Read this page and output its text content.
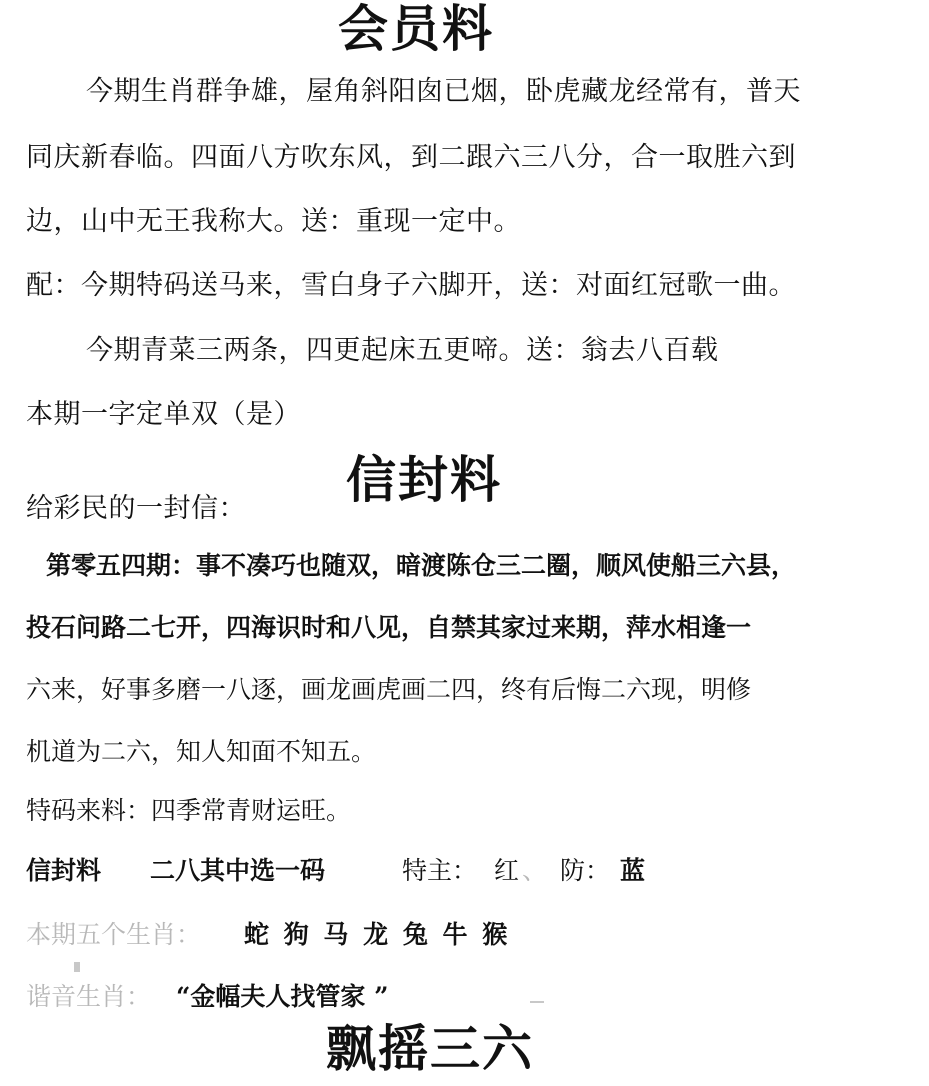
会员料
今期生肖群争雄，屋角斜阳囱已烟，卧虎藏龙经常有，普天
同庆新春临。四面八方吹东风，到二跟六三八分，合一取胜六到
边，山中无王我称大。送：重现一定中。
配：今期特码送马来，雪白身子六脚开，送：对面红冠歌一曲。
今期青菜三两条，四更起床五更啼。送：翁去八百载
本期一字定单双（是）
信封料
给彩民的一封信：
第零五四期：事不凑巧也随双，暗渡陈仓三二圈，顺风使船三六县，
投石问路二七开，四海识时和八见，自禁其家过来期，萍水相逢一
六来，好事多磨一八逐，画龙画虎画二四，终有后悔二六现，明修
机道为二六，知人知面不知五。
特码来料：四季常青财运旺。
信封料 二八其中选一码	特主： 红 、 防： 蓝
本期五个生肖： 蛇 狗 马 龙 兔 牛 猴
谐音生肖： “金幅夫人找管家 ”
飘摇三六
